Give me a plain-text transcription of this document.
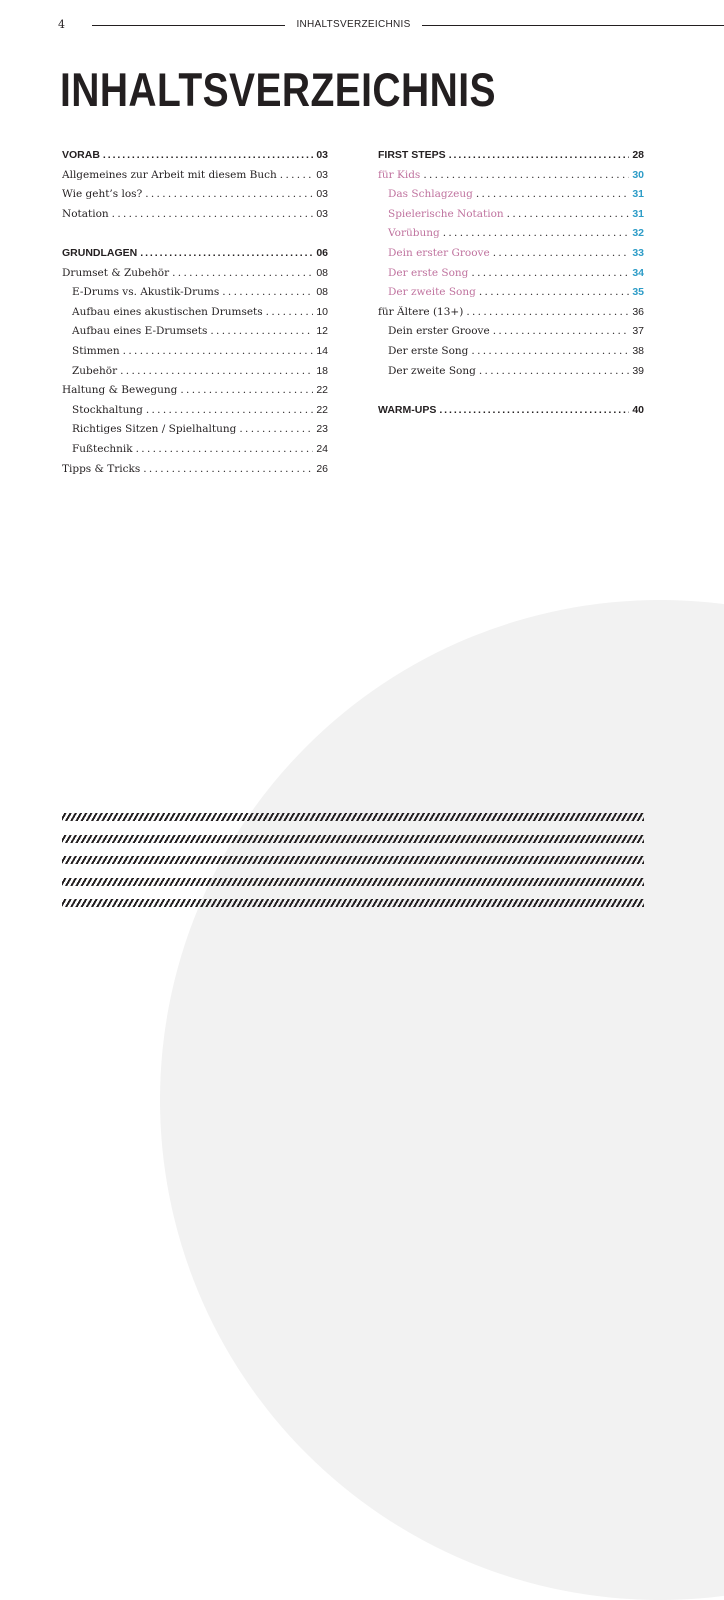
4	INHALTSVERZEICHNIS
INHALTSVERZEICHNIS
VORAB . . .	03
Allgemeines zur Arbeit mit diesem Buch . . .	03
Wie geht’s los? . . .	03
Notation . . .	03
GRUNDLAGEN . . .	06
Drumset & Zubehör . . .	08
E-Drums vs. Akustik-Drums . . .	08
Aufbau eines akustischen Drumsets . . .	10
Aufbau eines E-Drumsets . . .	12
Stimmen . . .	14
Zubehör . . .	18
Haltung & Bewegung . . .	22
Stockhaltung . . .	22
Richtiges Sitzen / Spielhaltung . . .	23
Fußtechnik . . .	24
Tipps & Tricks . . .	26
FIRST STEPS . . .	28
für Kids . . .	30
Das Schlagzeug . . .	31
Spielerische Notation . . .	31
Vorübung . . .	32
Dein erster Groove . . .	33
Der erste Song . . .	34
Der zweite Song . . .	35
für Ältere (13+) . . .	36
Dein erster Groove . . .	37
Der erste Song . . .	38
Der zweite Song . . .	39
WARM-UPS . . .	40
